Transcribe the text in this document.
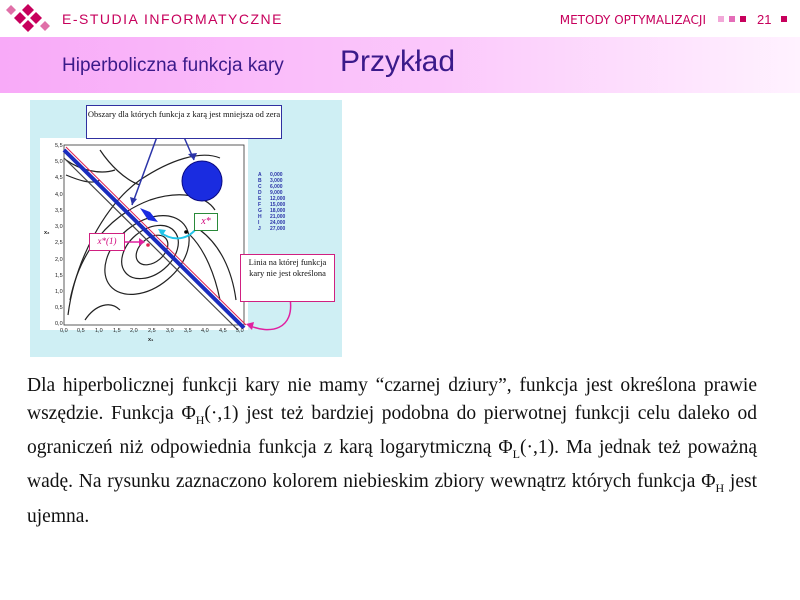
E-STUDIA INFORMATYCZNE	METODY OPTYMALIZACJI	21
Hiperboliczna funkcja kary Przykład
5,5
5,0
4,5
4,0
3,5
3,0
2,5
2,0
1,5
1,0
0,5
0,0
x₂
0,0 0,5 1,0 1,5 2,0 2,5 3,0 3,5 4,0 4,5 5,0
x₁
A 0,000
B 3,000
C 6,000
D 9,000
E 12,000
F 15,000
G 18,000
H 21,000
I 24,000
J 27,000
Obszary dla których funkcja z karą jest mniejsza od zera
Linia na której funkcja kary nie jest określona
x*
x*(1)
Dla hiperbolicznej funkcji kary nie mamy “czarnej dziury”, funkcja jest określona prawie wszędzie. Funkcja $\Phi_H(\cdot,1)$ jest też bardziej podobna do pierwotnej funkcji celu daleko od ograniczeń niż odpowiednia funkcja z karą logarytmiczną $\Phi_L(\cdot,1)$. Ma jednak też poważną wadę. Na rysunku zaznaczono kolorem niebieskim zbiory wewnątrz których funkcja $\Phi_H$ jest ujemna.
